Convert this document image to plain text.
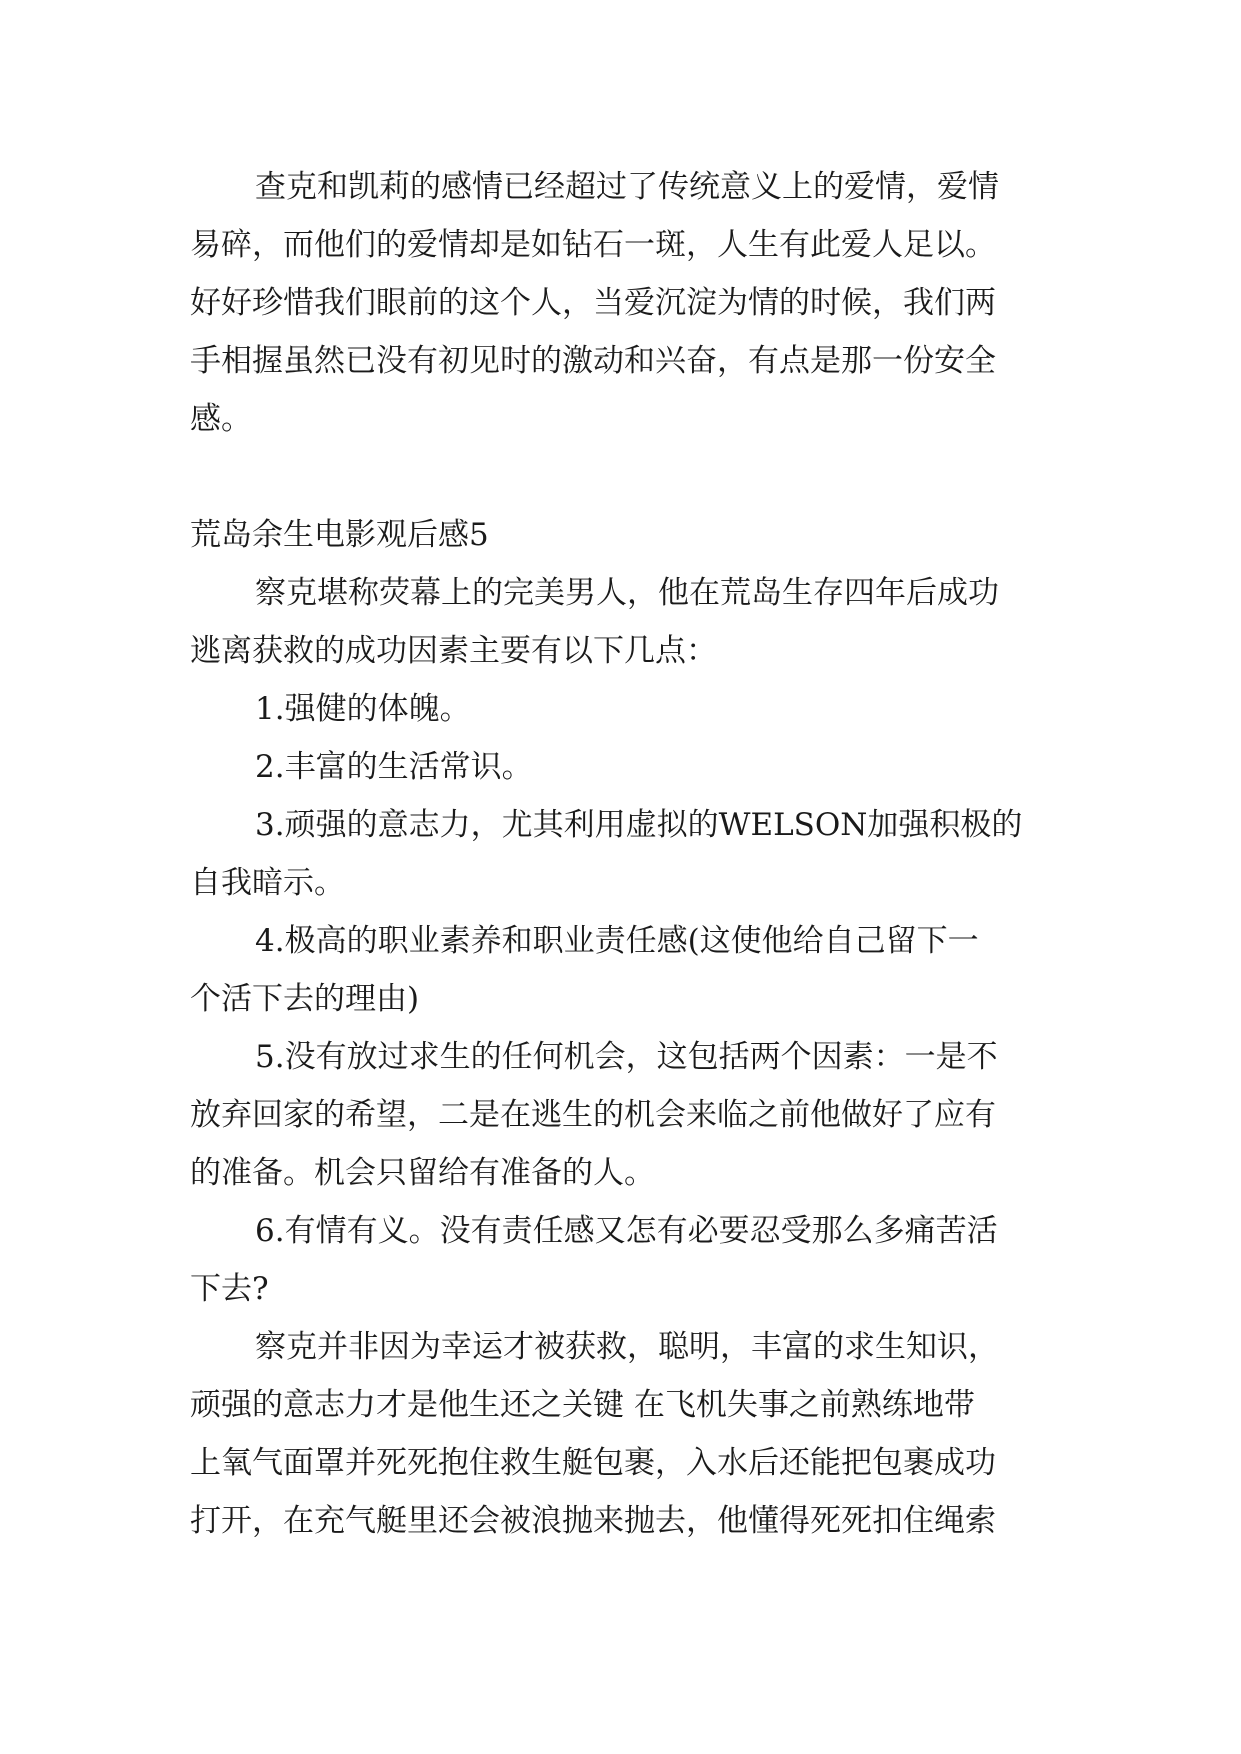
查克和凯莉的感情已经超过了传统意义上的爱情，爱情

易碎，而他们的爱情却是如钻石一斑，人生有此爱人足以。

好好珍惜我们眼前的这个人，当爱沉淀为情的时候，我们两

手相握虽然已没有初见时的激动和兴奋，有点是那一份安全

感。

荒岛余生电影观后感5

察克堪称荧幕上的完美男人，他在荒岛生存四年后成功

逃离获救的成功因素主要有以下几点：

1.强健的体魄。

2.丰富的生活常识。

3.顽强的意志力，尤其利用虚拟的WELSON加强积极的

自我暗示。

4.极高的职业素养和职业责任感(这使他给自己留下一

个活下去的理由)

5.没有放过求生的任何机会，这包括两个因素：一是不

放弃回家的希望，二是在逃生的机会来临之前他做好了应有

的准备。机会只留给有准备的人。

6.有情有义。没有责任感又怎有必要忍受那么多痛苦活

下去?

察克并非因为幸运才被获救，聪明，丰富的求生知识，

顽强的意志力才是他生还之关键 在飞机失事之前熟练地带

上氧气面罩并死死抱住救生艇包裹，入水后还能把包裹成功

打开，在充气艇里还会被浪抛来抛去，他懂得死死扣住绳索
